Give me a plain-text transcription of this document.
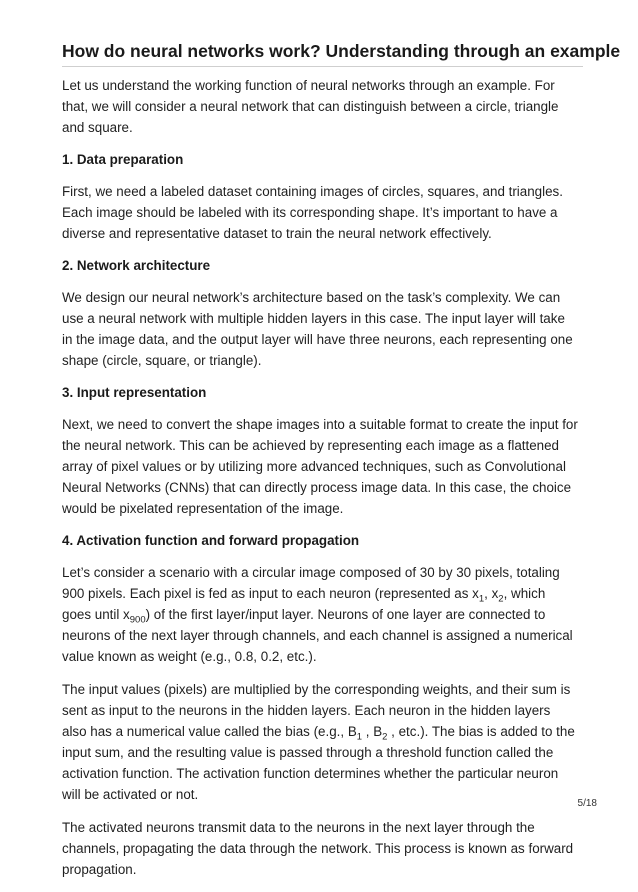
How do neural networks work? Understanding through an example

Let us understand the working function of neural networks through an example. For that, we will consider a neural network that can distinguish between a circle, triangle and square.

1. Data preparation

First, we need a labeled dataset containing images of circles, squares, and triangles. Each image should be labeled with its corresponding shape. It’s important to have a diverse and representative dataset to train the neural network effectively.

2. Network architecture

We design our neural network’s architecture based on the task’s complexity. We can use a neural network with multiple hidden layers in this case. The input layer will take in the image data, and the output layer will have three neurons, each representing one shape (circle, square, or triangle).

3. Input representation

Next, we need to convert the shape images into a suitable format to create the input for the neural network. This can be achieved by representing each image as a flattened array of pixel values or by utilizing more advanced techniques, such as Convolutional Neural Networks (CNNs) that can directly process image data. In this case, the choice would be pixelated representation of the image.

4. Activation function and forward propagation

Let’s consider a scenario with a circular image composed of 30 by 30 pixels, totaling 900 pixels. Each pixel is fed as input to each neuron (represented as $x_1$, $x_2$, which goes until $x_{900}$) of the first layer/input layer. Neurons of one layer are connected to neurons of the next layer through channels, and each channel is assigned a numerical value known as weight (e.g., 0.8, 0.2, etc.).

The input values (pixels) are multiplied by the corresponding weights, and their sum is sent as input to the neurons in the hidden layers. Each neuron in the hidden layers also has a numerical value called the bias (e.g., $B_1$ , $B_2$ , etc.). The bias is added to the input sum, and the resulting value is passed through a threshold function called the activation function. The activation function determines whether the particular neuron will be activated or not.

The activated neurons transmit data to the neurons in the next layer through the channels, propagating the data through the network. This process is known as forward propagation.

5/18
